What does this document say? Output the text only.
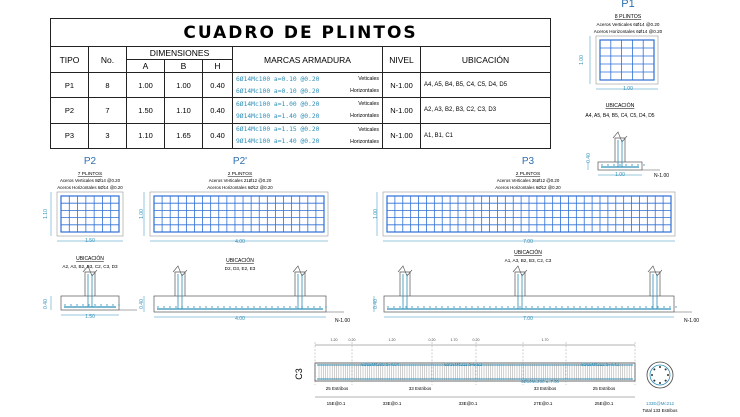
CUADRO DE PLINTOS							
TIPO	No.	DIMENSIONES			MARCAS ARMADURA	NIVEL	UBICACIÓN
		A	B	H			
P1	8	1.00	1.00	0.40	6Ø14Mc100 a=0.10 @0.20 Veticales
6Ø14Mc100 a=0.10 @0.20 Horizontales	N-1.00	A4, A5, B4, B5, C4, C5, D4, D5
P2	7	1.50	1.10	0.40	6Ø14Mc100 a=1.00 @0.20 Veticales
9Ø14Mc100 a=1.40 @0.20 Horizontales	N-1.00	A2, A3, B2, B3, C2, C3, D3
P3	3	1.10	1.65	0.40	6Ø14Mc100 a=1.15 @0.20 Veticales
9Ø14Mc100 a=1.40 @0.20 Horizontales	N-1.00	A1, B1, C1
P1
8 PLINTOS
Aceros Verticales 6Ø14 @0.20
Aceros Horizontales 6Ø14 @0.20
1.00
1.00
UBICACIÓN
A4, A5, B4, B5, C4, C5, D4, D5
0.40
1.00	N-1.00
P2
7 PLINTOS
Aceros Verticales 8Ø14 @0.20
Aceros Horizontales 6Ø14 @0.20
1.10
1.50
UBICACIÓN
A2, A3, B2, B3, C2, C3, D3
0.40
1.50
P2'
2 PLINTOS
Aceros Verticales 21Ø12 @0.20
Aceros Horizontales 6Ø12 @0.20
1.00
4.00
UBICACIÓN
D2, D3, E2, E3
0.40
4.00	N-1.00
P3
2 PLINTOS
Aceros Verticales 36Ø12 @0.20
Aceros Horizontales 6Ø12 @0.20
1.00
7.00
UBICACIÓN
A1, A3, B2, B3, C2, C3
0.40
7.00	N-1.00
1.20	0.20	1.20	0.20	1.70	0.20	1.70
C3
6Ø16Mc209 a=4.04	6Ø16Mc211 a=5.52
6Ø16Mc208 a=7.50
6Ø16Mc212 a=4.42
25 Estribos	33 Estribos	33 Estribos	25 Estribos
15E@0.1	33E@0.1	33E@0.1	27E@0.1	25E@0.1	133E@Mc212
Total 133 Estribos
